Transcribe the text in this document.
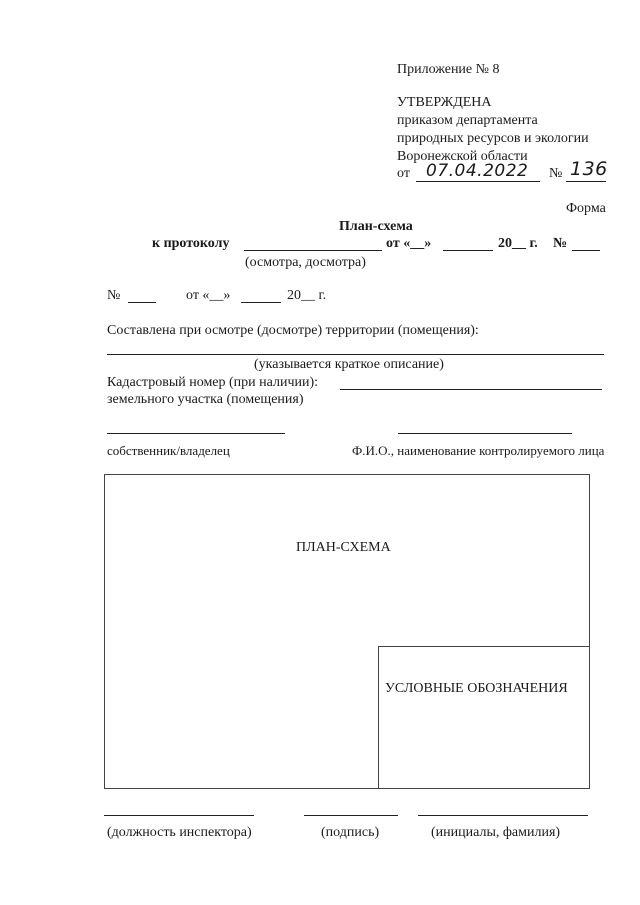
Приложение № 8
УТВЕРЖДЕНА
приказом департамента
природных ресурсов и экологии
Воронежской области
от 07.04.2022 № 136
Форма
План-схема
к протоколу	от «__»	20__ г. №
(осмотра, досмотра)
№	от «__»	20__ г.
Составлена при осмотре (досмотре) территории (помещения):
(указывается краткое описание)
Кадастровый номер (при наличии):
земельного участка (помещения)
собственник/владелец	Ф.И.О., наименование контролируемого лица
ПЛАН-СХЕМА
УСЛОВНЫЕ ОБОЗНАЧЕНИЯ
(должность инспектора)	(подпись)	(инициалы, фамилия)
